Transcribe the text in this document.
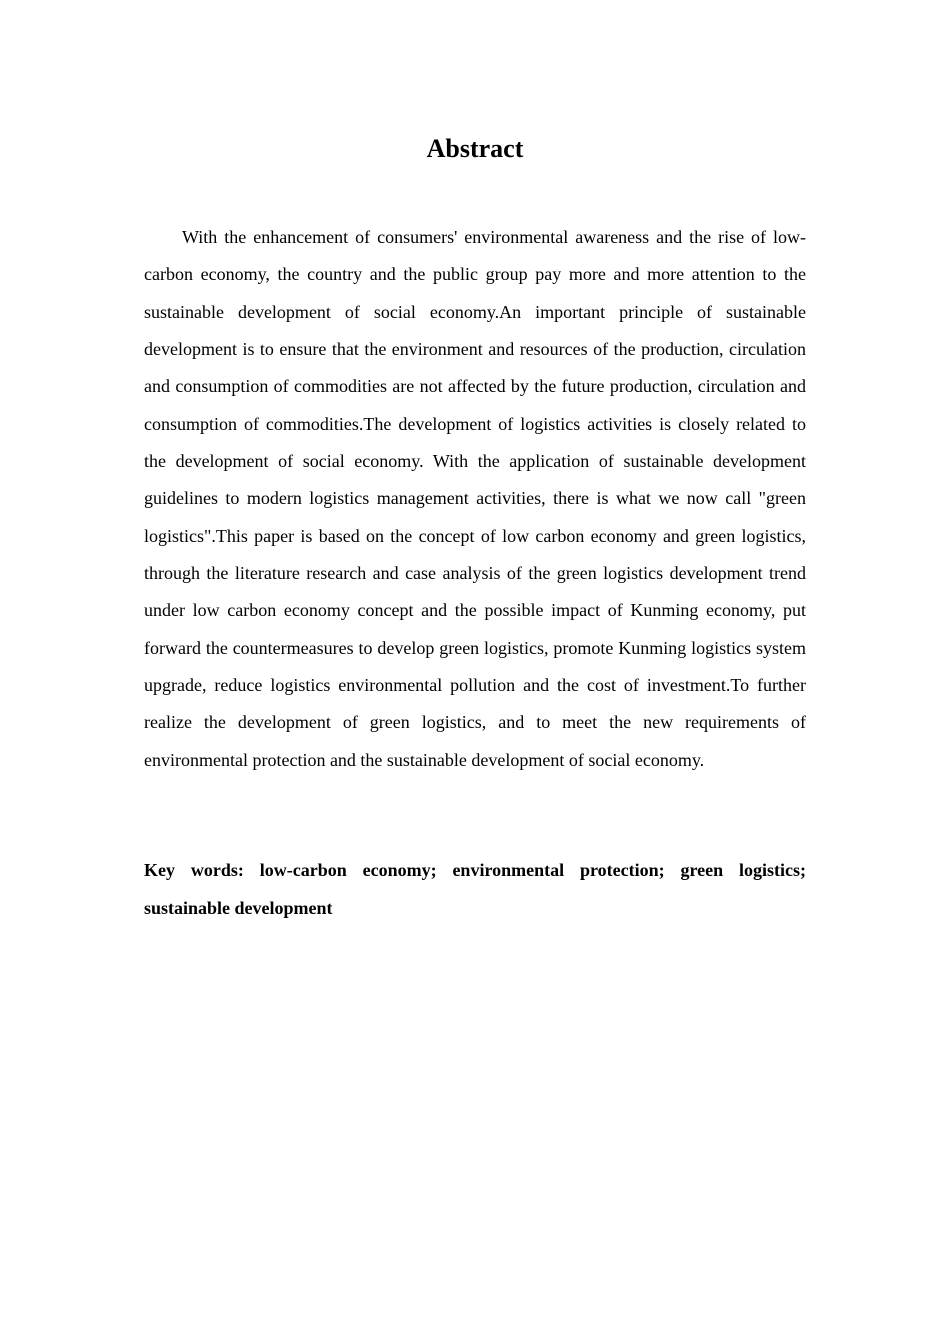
Abstract

With the enhancement of consumers' environmental awareness and the rise of low-carbon economy, the country and the public group pay more and more attention to the sustainable development of social economy.An important principle of sustainable development is to ensure that the environment and resources of the production, circulation and consumption of commodities are not affected by the future production, circulation and consumption of commodities.The development of logistics activities is closely related to the development of social economy. With the application of sustainable development guidelines to modern logistics management activities, there is what we now call "green logistics".This paper is based on the concept of low carbon economy and green logistics, through the literature research and case analysis of the green logistics development trend under low carbon economy concept and the possible impact of Kunming economy, put forward the countermeasures to develop green logistics, promote Kunming logistics system upgrade, reduce logistics environmental pollution and the cost of investment.To further realize the development of green logistics, and to meet the new requirements of environmental protection and the sustainable development of social economy.

Key words: low-carbon economy; environmental protection; green logistics; sustainable development
